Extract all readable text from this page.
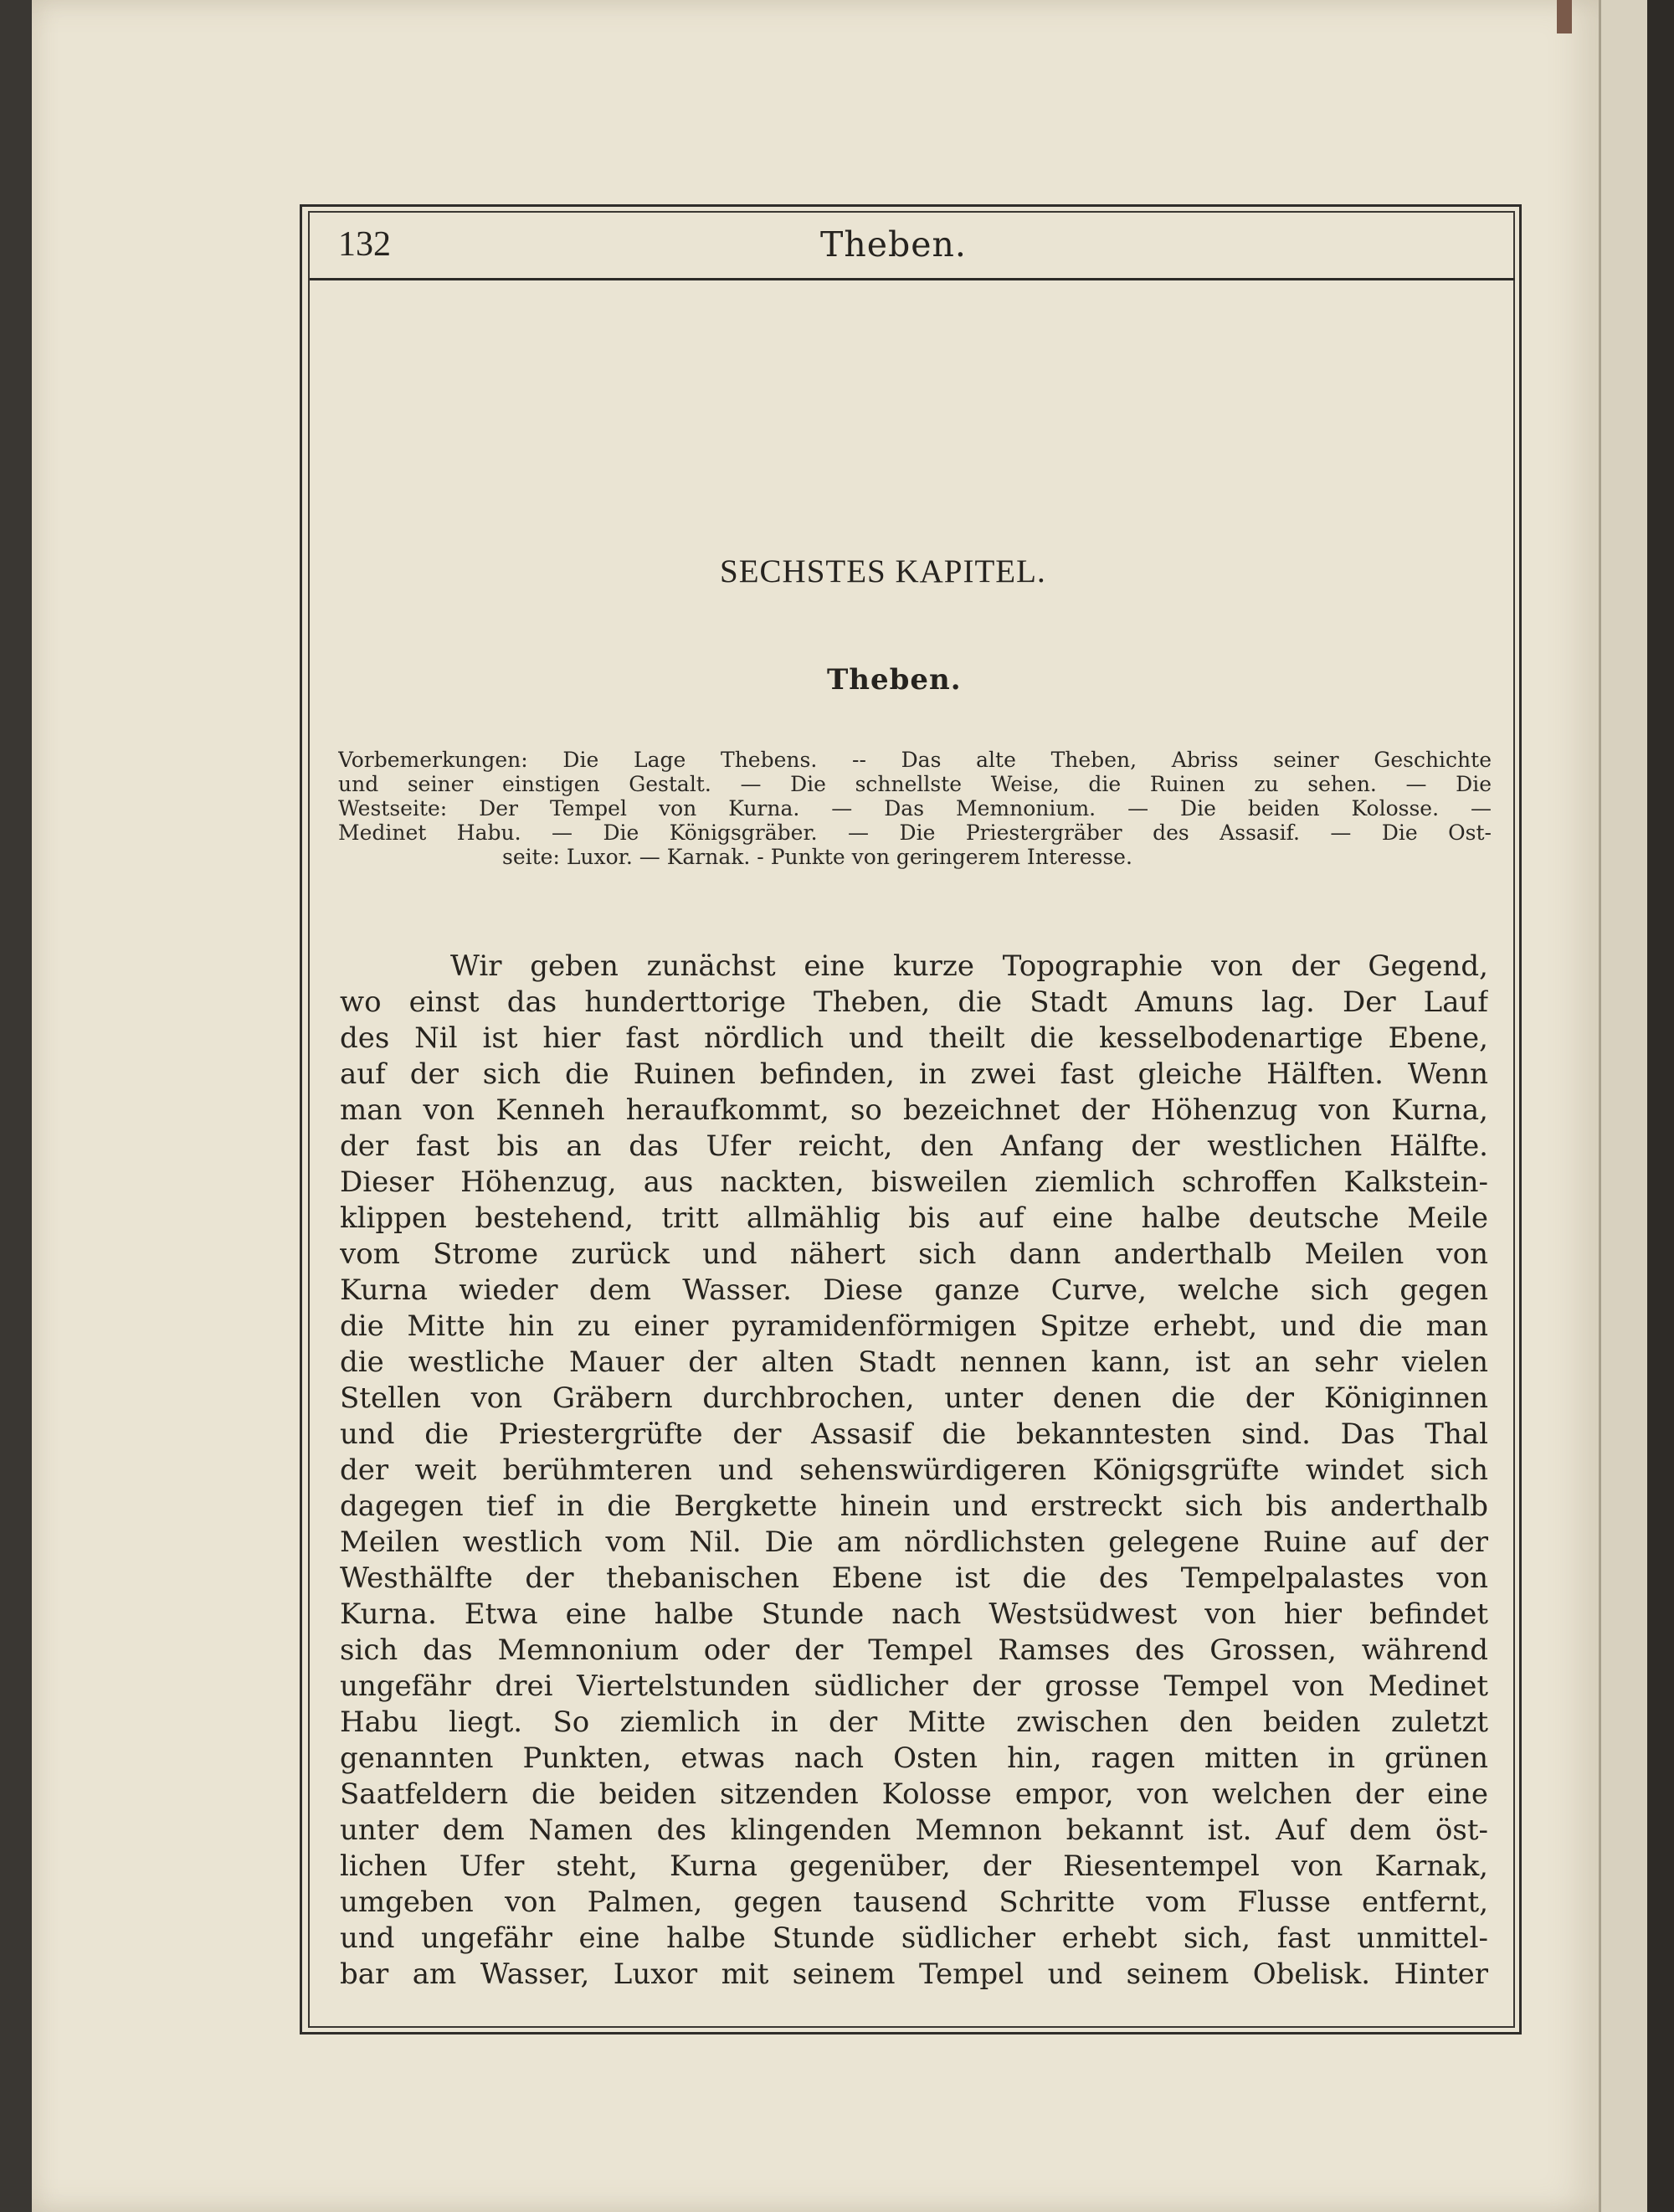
132	Theben.
SECHSTES KAPITEL.
Theben.
Vorbemerkungen: Die Lage Thebens. -- Das alte Theben, Abriss seiner Geschichte
und seiner einstigen Gestalt. — Die schnellste Weise, die Ruinen zu sehen. — Die
Westseite: Der Tempel von Kurna. — Das Memnonium. — Die beiden Kolosse. —
Medinet Habu. — Die Königsgräber. — Die Priestergräber des Assasif. — Die Ost-
seite: Luxor. — Karnak. - Punkte von geringerem Interesse.
Wir geben zunächst eine kurze Topographie von der Gegend,
wo einst das hunderttorige Theben, die Stadt Amuns lag. Der Lauf
des Nil ist hier fast nördlich und theilt die kesselbodenartige Ebene,
auf der sich die Ruinen befinden, in zwei fast gleiche Hälften. Wenn
man von Kenneh heraufkommt, so bezeichnet der Höhenzug von Kurna,
der fast bis an das Ufer reicht, den Anfang der westlichen Hälfte.
Dieser Höhenzug, aus nackten, bisweilen ziemlich schroffen Kalkstein-
klippen bestehend, tritt allmählig bis auf eine halbe deutsche Meile
vom Strome zurück und nähert sich dann anderthalb Meilen von
Kurna wieder dem Wasser. Diese ganze Curve, welche sich gegen
die Mitte hin zu einer pyramidenförmigen Spitze erhebt, und die man
die westliche Mauer der alten Stadt nennen kann, ist an sehr vielen
Stellen von Gräbern durchbrochen, unter denen die der Königinnen
und die Priestergrüfte der Assasif die bekanntesten sind. Das Thal
der weit berühmteren und sehenswürdigeren Königsgrüfte windet sich
dagegen tief in die Bergkette hinein und erstreckt sich bis anderthalb
Meilen westlich vom Nil. Die am nördlichsten gelegene Ruine auf der
Westhälfte der thebanischen Ebene ist die des Tempelpalastes von
Kurna. Etwa eine halbe Stunde nach Westsüdwest von hier befindet
sich das Memnonium oder der Tempel Ramses des Grossen, während
ungefähr drei Viertelstunden südlicher der grosse Tempel von Medinet
Habu liegt. So ziemlich in der Mitte zwischen den beiden zuletzt
genannten Punkten, etwas nach Osten hin, ragen mitten in grünen
Saatfeldern die beiden sitzenden Kolosse empor, von welchen der eine
unter dem Namen des klingenden Memnon bekannt ist. Auf dem öst-
lichen Ufer steht, Kurna gegenüber, der Riesentempel von Karnak,
umgeben von Palmen, gegen tausend Schritte vom Flusse entfernt,
und ungefähr eine halbe Stunde südlicher erhebt sich, fast unmittel-
bar am Wasser, Luxor mit seinem Tempel und seinem Obelisk. Hinter
